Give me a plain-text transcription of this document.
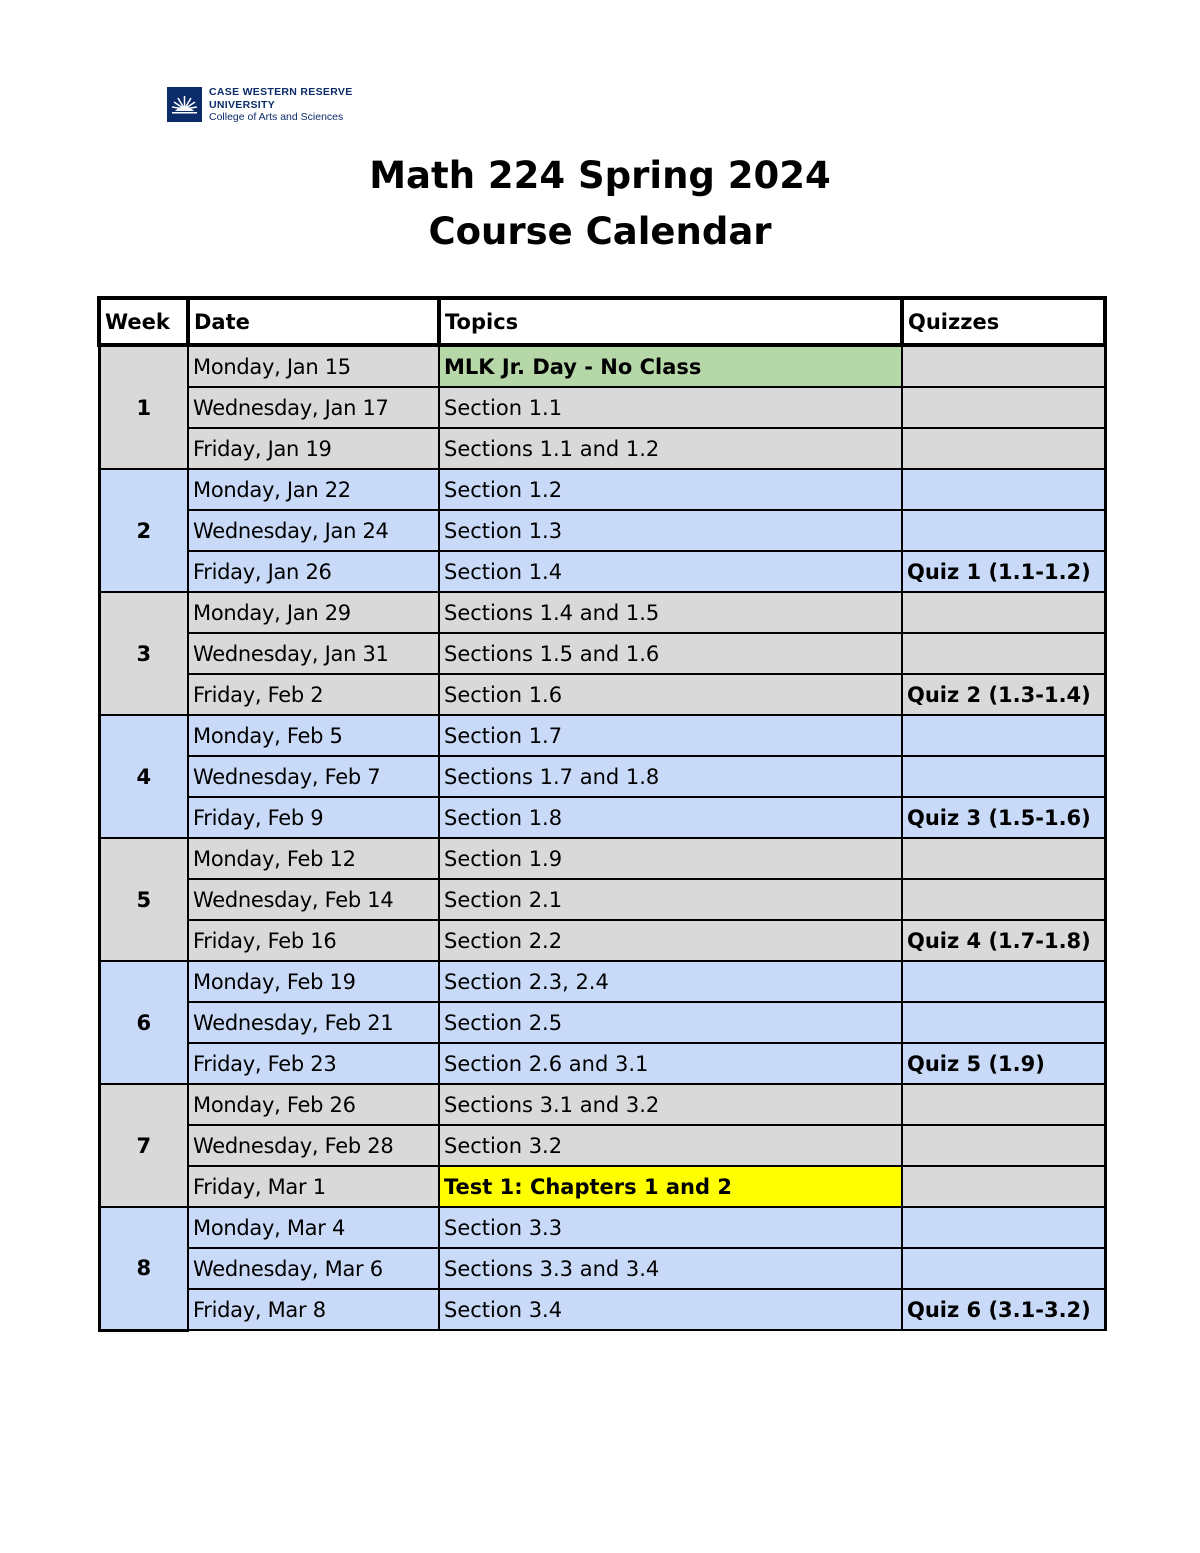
CASE WESTERN RESERVE
UNIVERSITY
College of Arts and Sciences
Math 224 Spring 2024
Course Calendar
Week	Date	Topics	Quizzes
1	Monday, Jan 15	MLK Jr. Day - No Class	
	Wednesday, Jan 17	Section 1.1	
	Friday, Jan 19	Sections 1.1 and 1.2	
2	Monday, Jan 22	Section 1.2	
	Wednesday, Jan 24	Section 1.3	
	Friday, Jan 26	Section 1.4	Quiz 1 (1.1-1.2)
3	Monday, Jan 29	Sections 1.4 and 1.5	
	Wednesday, Jan 31	Sections 1.5 and 1.6	
	Friday, Feb 2	Section 1.6	Quiz 2 (1.3-1.4)
4	Monday, Feb 5	Section 1.7	
	Wednesday, Feb 7	Sections 1.7 and 1.8	
	Friday, Feb 9	Section 1.8	Quiz 3 (1.5-1.6)
5	Monday, Feb 12	Section 1.9	
	Wednesday, Feb 14	Section 2.1	
	Friday, Feb 16	Section 2.2	Quiz 4 (1.7-1.8)
6	Monday, Feb 19	Section 2.3, 2.4	
	Wednesday, Feb 21	Section 2.5	
	Friday, Feb 23	Section 2.6 and 3.1	Quiz 5 (1.9)
7	Monday, Feb 26	Sections 3.1 and 3.2	
	Wednesday, Feb 28	Section 3.2	
	Friday, Mar 1	Test 1: Chapters 1 and 2	
8	Monday, Mar 4	Section 3.3	
	Wednesday, Mar 6	Sections 3.3 and 3.4	
	Friday, Mar 8	Section 3.4	Quiz 6 (3.1-3.2)
